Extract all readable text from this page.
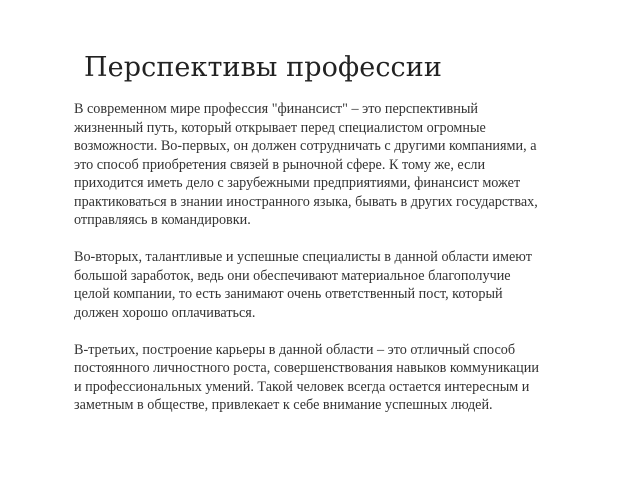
Перспективы профессии

В современном мире профессия "финансист" – это перспективный
жизненный путь, который открывает перед специалистом огромные
возможности. Во-первых, он должен сотрудничать с другими компаниями, а
это способ приобретения связей в рыночной сфере. К тому же, если
приходится иметь дело с зарубежными предприятиями, финансист может
практиковаться в знании иностранного языка, бывать в других государствах,
отправляясь в командировки.

Во-вторых, талантливые и успешные специалисты в данной области имеют
большой заработок, ведь они обеспечивают материальное благополучие
целой компании, то есть занимают очень ответственный пост, который
должен хорошо оплачиваться.

В-третьих, построение карьеры в данной области – это отличный способ
постоянного личностного роста, совершенствования навыков коммуникации
и профессиональных умений. Такой человек всегда остается интересным и
заметным в обществе, привлекает к себе внимание успешных людей.
